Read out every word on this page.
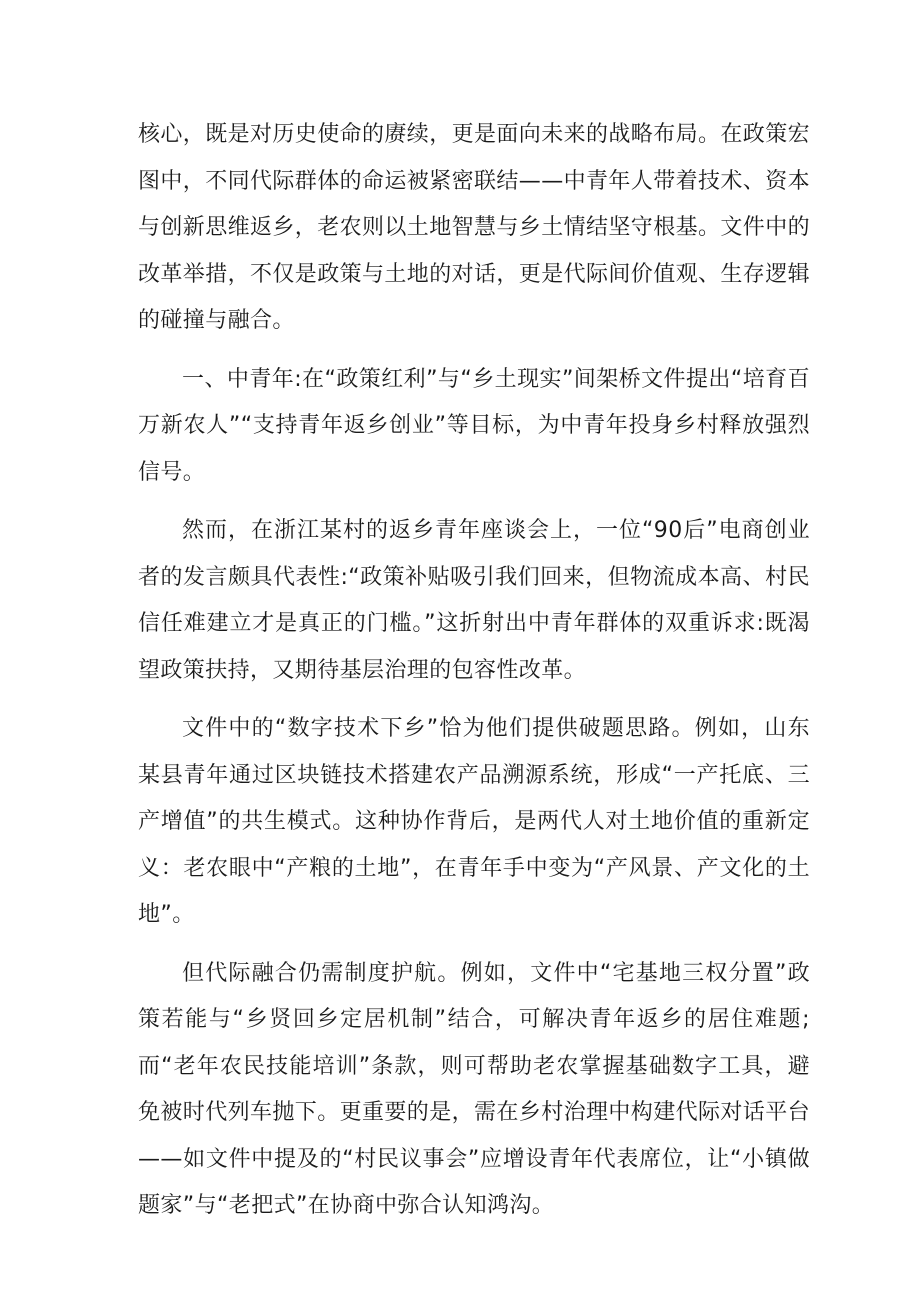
核心，既是对历史使命的赓续，更是面向未来的战略布局。在政策宏图中，不同代际群体的命运被紧密联结——中青年人带着技术、资本与创新思维返乡，老农则以土地智慧与乡土情结坚守根基。文件中的改革举措，不仅是政策与土地的对话，更是代际间价值观、生存逻辑的碰撞与融合。

一、中青年:在“政策红利”与“乡土现实”间架桥文件提出“培育百万新农人”“支持青年返乡创业”等目标，为中青年投身乡村释放强烈信号。

然而，在浙江某村的返乡青年座谈会上，一位“90后”电商创业者的发言颇具代表性:“政策补贴吸引我们回来，但物流成本高、村民信任难建立才是真正的门槛。”这折射出中青年群体的双重诉求:既渴望政策扶持，又期待基层治理的包容性改革。

文件中的“数字技术下乡”恰为他们提供破题思路。例如，山东某县青年通过区块链技术搭建农产品溯源系统，形成“一产托底、三产增值”的共生模式。这种协作背后，是两代人对土地价值的重新定义：老农眼中“产粮的土地”，在青年手中变为“产风景、产文化的土地”。

但代际融合仍需制度护航。例如，文件中“宅基地三权分置”政策若能与“乡贤回乡定居机制”结合，可解决青年返乡的居住难题;而“老年农民技能培训”条款，则可帮助老农掌握基础数字工具，避免被时代列车抛下。更重要的是，需在乡村治理中构建代际对话平台——如文件中提及的“村民议事会”应增设青年代表席位，让“小镇做题家”与“老把式”在协商中弥合认知鸿沟。
